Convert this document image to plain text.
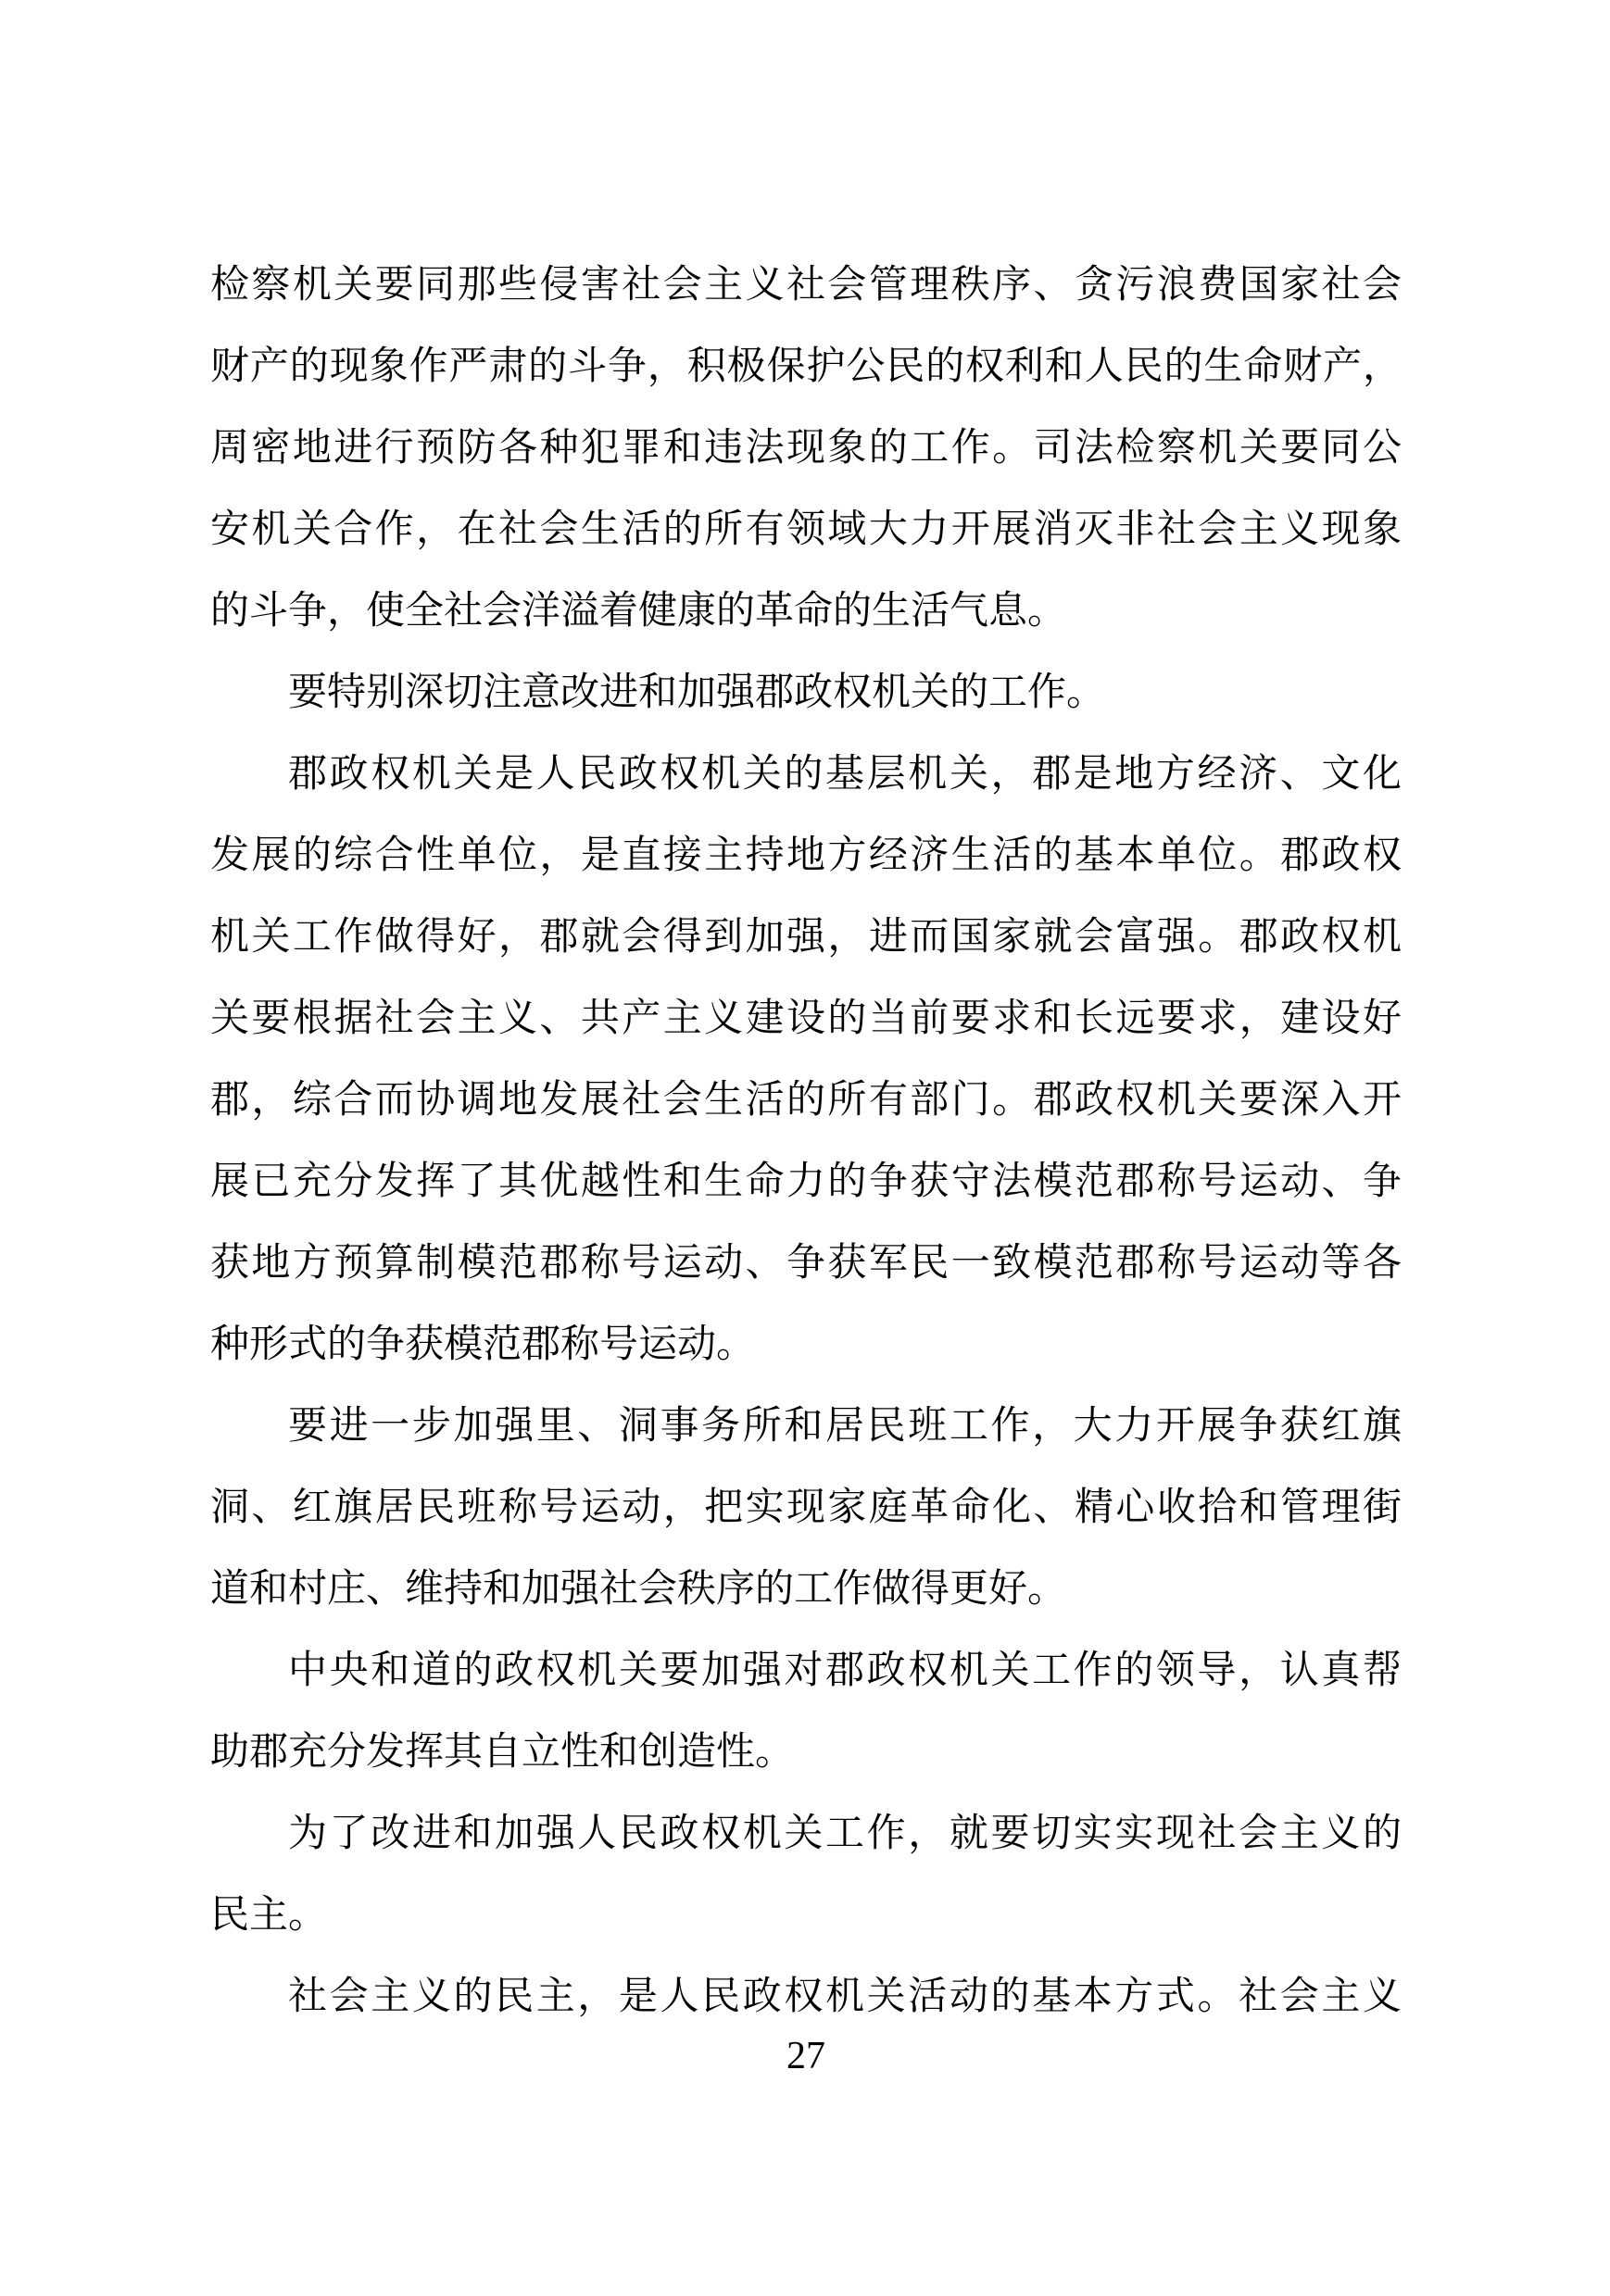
检察机关要同那些侵害社会主义社会管理秩序、贪污浪费国家社会
财产的现象作严肃的斗争，积极保护公民的权利和人民的生命财产，
周密地进行预防各种犯罪和违法现象的工作。司法检察机关要同公
安机关合作，在社会生活的所有领域大力开展消灭非社会主义现象
的斗争，使全社会洋溢着健康的革命的生活气息。
要特别深切注意改进和加强郡政权机关的工作。
郡政权机关是人民政权机关的基层机关，郡是地方经济、文化
发展的综合性单位，是直接主持地方经济生活的基本单位。郡政权
机关工作做得好，郡就会得到加强，进而国家就会富强。郡政权机
关要根据社会主义、共产主义建设的当前要求和长远要求，建设好
郡，综合而协调地发展社会生活的所有部门。郡政权机关要深入开
展已充分发挥了其优越性和生命力的争获守法模范郡称号运动、争
获地方预算制模范郡称号运动、争获军民一致模范郡称号运动等各
种形式的争获模范郡称号运动。
要进一步加强里、洞事务所和居民班工作，大力开展争获红旗
洞、红旗居民班称号运动，把实现家庭革命化、精心收拾和管理街
道和村庄、维持和加强社会秩序的工作做得更好。
中央和道的政权机关要加强对郡政权机关工作的领导，认真帮
助郡充分发挥其自立性和创造性。
为了改进和加强人民政权机关工作，就要切实实现社会主义的
民主。
社会主义的民主，是人民政权机关活动的基本方式。社会主义
27
